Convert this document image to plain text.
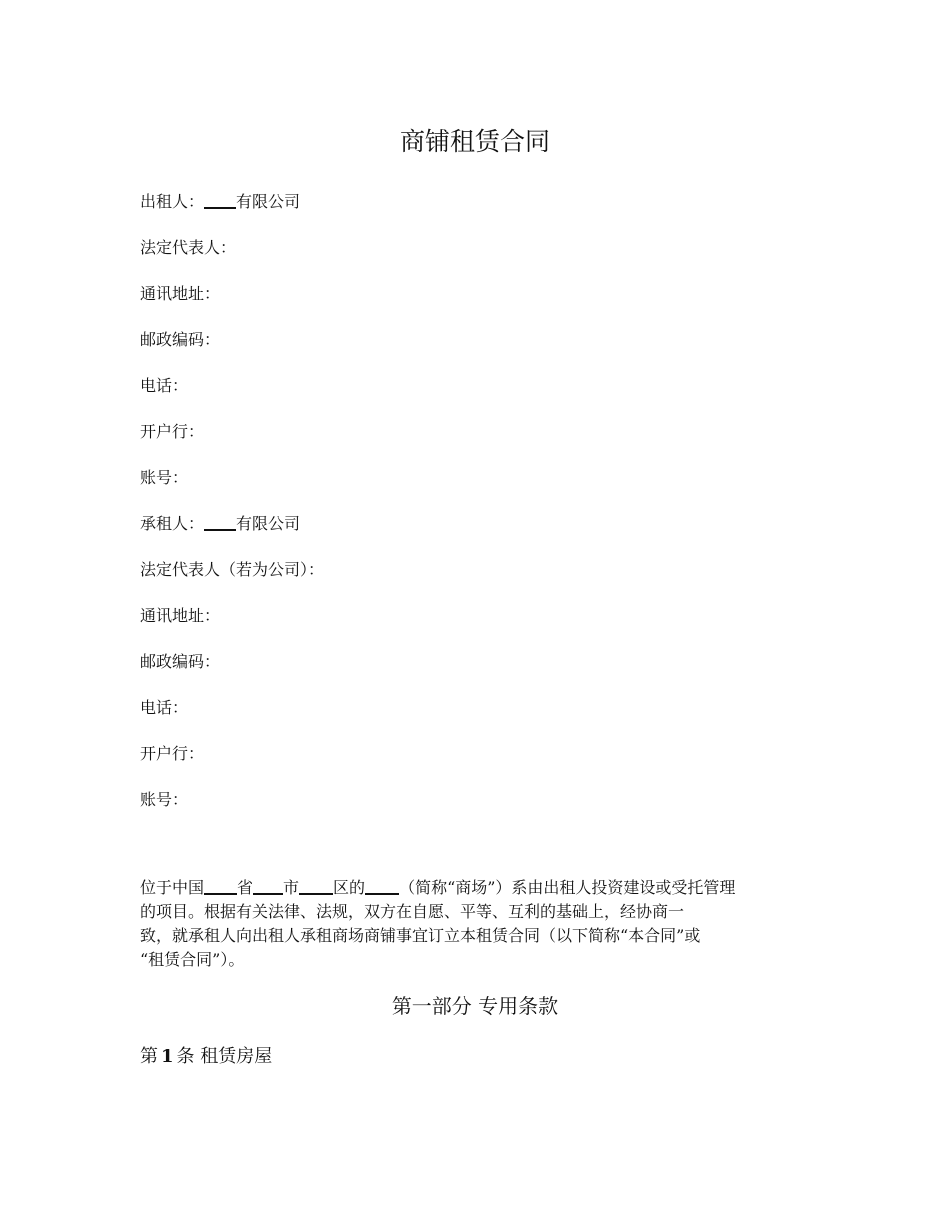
商铺租赁合同

出租人： 有限公司

法定代表人：

通讯地址：

邮政编码：

电话：

开户行：

账号：

承租人： 有限公司

法定代表人（若为公司）：

通讯地址：

邮政编码：

电话：

开户行：

账号：

位于中国 省 市 区的 （简称“商场”）系由出租人投资建设或受托管理
的项目。根据有关法律、法规，双方在自愿、平等、互利的基础上，经协商一
致，就承租人向出租人承租商场商铺事宜订立本租赁合同（以下简称“本合同”或
“租赁合同”）。
第一部分 专用条款

第 1 条 租赁房屋
